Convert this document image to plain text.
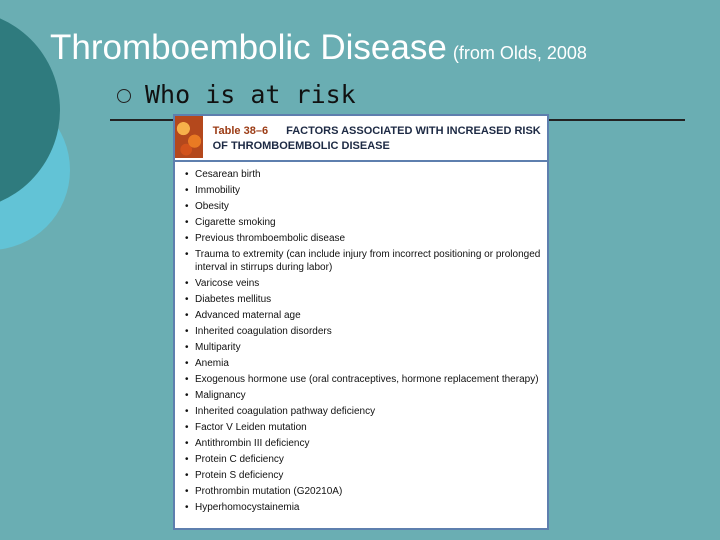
Thromboembolic Disease (from Olds, 2008
Who is at risk
Table 38–6 FACTORS ASSOCIATED WITH INCREASED RISK OF THROMBOEMBOLIC DISEASE
• Cesarean birth
• Immobility
• Obesity
• Cigarette smoking
• Previous thromboembolic disease
• Trauma to extremity (can include injury from incorrect positioning or prolonged interval in stirrups during labor)
• Varicose veins
• Diabetes mellitus
• Advanced maternal age
• Inherited coagulation disorders
• Multiparity
• Anemia
• Exogenous hormone use (oral contraceptives, hormone replacement therapy)
• Malignancy
• Inherited coagulation pathway deficiency
• Factor V Leiden mutation
• Antithrombin III deficiency
• Protein C deficiency
• Protein S deficiency
• Prothrombin mutation (G20210A)
• Hyperhomocystainemia
